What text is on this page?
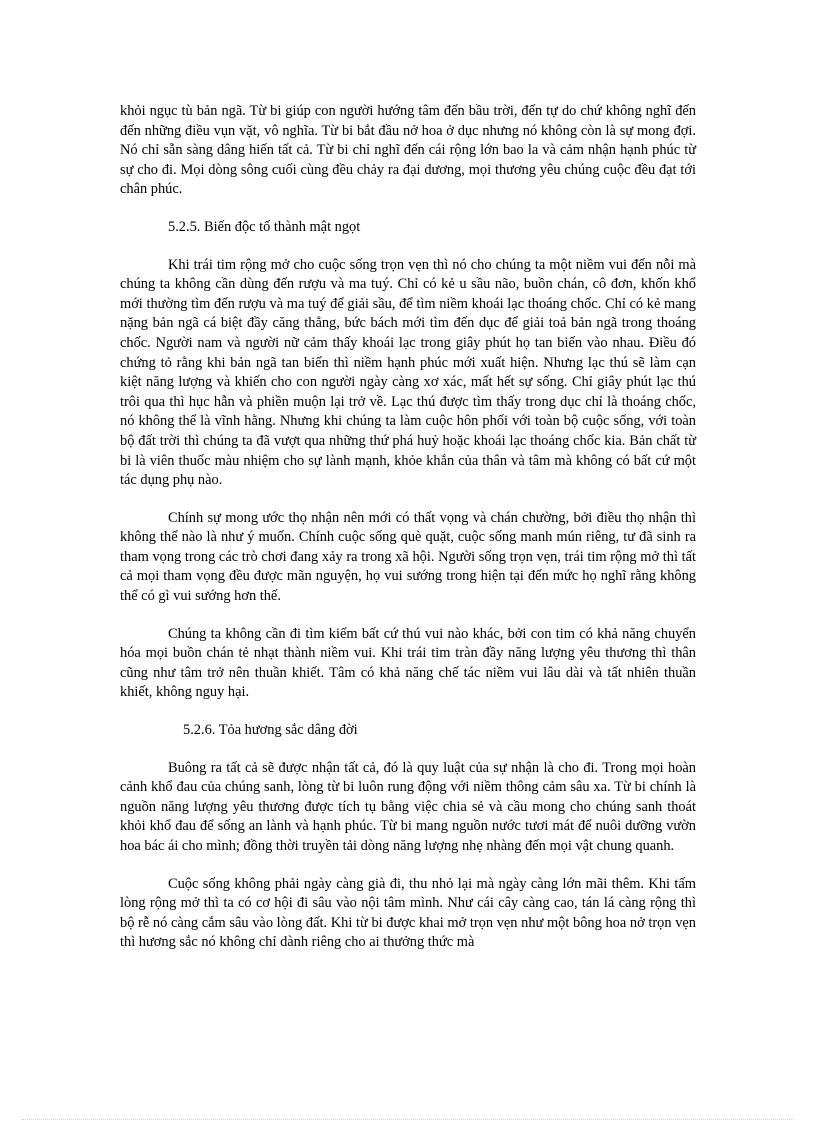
khỏi ngục tù bản ngã. Từ bi giúp con người hướng tâm đến bầu trời, đến tự do chứ không nghĩ đến đến những điều vụn vặt, vô nghĩa. Từ bi bắt đầu nở hoa ở dục nhưng nó không còn là sự mong đợi. Nó chỉ sẵn sàng dâng hiến tất cả. Từ bi chỉ nghĩ đến cái rộng lớn bao la và cảm nhận hạnh phúc từ sự cho đi. Mọi dòng sông cuối cùng đều chảy ra đại dương, mọi thương yêu chúng cuộc đều đạt tới chân phúc.

5.2.5. Biến độc tố thành mật ngọt

Khi trái tim rộng mở cho cuộc sống trọn vẹn thì nó cho chúng ta một niềm vui đến nỗi mà chúng ta không cần dùng đến rượu và ma tuý. Chỉ có kẻ u sầu não, buồn chán, cô đơn, khốn khổ mới thường tìm đến rượu và ma tuý để giải sầu, để tìm niềm khoái lạc thoáng chốc. Chỉ có kẻ mang nặng bản ngã cá biệt đầy căng thẳng, bức bách mới tìm đến dục để giải toả bản ngã trong thoáng chốc. Người nam và người nữ cảm thấy khoái lạc trong giây phút họ tan biến vào nhau. Điều đó chứng tỏ rằng khi bản ngã tan biến thì niềm hạnh phúc mới xuất hiện. Nhưng lạc thú sẽ làm cạn kiệt năng lượng và khiến cho con người ngày càng xơ xác, mất hết sự sống. Chỉ giây phút lạc thú trôi qua thì hục hẫn và phiền muộn lại trở về. Lạc thú được tìm thấy trong dục chỉ là thoáng chốc, nó không thể là vĩnh hằng. Nhưng khi chúng ta làm cuộc hôn phối với toàn bộ cuộc sống, với toàn bộ đất trời thì chúng ta đã vượt qua những thứ phá huỷ hoặc khoái lạc thoáng chốc kia. Bản chất từ bi là viên thuốc màu nhiệm cho sự lành mạnh, khỏe khắn của thân và tâm mà không có bất cứ một tác dụng phụ nào.

Chính sự mong ước thọ nhận nên mới có thất vọng và chán chường, bởi điều thọ nhận thì không thể nào là như ý muốn. Chính cuộc sống què quặt, cuộc sống manh mún riêng, tư đã sinh ra tham vọng trong các trò chơi đang xảy ra trong xã hội. Người sống trọn vẹn, trái tim rộng mở thì tất cả mọi tham vọng đều được mãn nguyện, họ vui sướng trong hiện tại đến mức họ nghĩ rằng không thể có gì vui sướng hơn thế.

Chúng ta không cần đi tìm kiếm bất cứ thú vui nào khác, bởi con tim có khả năng chuyển hóa mọi buồn chán tẻ nhạt thành niềm vui. Khi trái tim tràn đầy năng lượng yêu thương thì thân cũng như tâm trở nên thuần khiết. Tâm có khả năng chế tác niềm vui lâu dài và tất nhiên thuần khiết, không nguy hại.

5.2.6. Tỏa hương sắc dâng đời

Buông ra tất cả sẽ được nhận tất cả, đó là quy luật của sự nhận là cho đi. Trong mọi hoàn cảnh khổ đau của chúng sanh, lòng từ bi luôn rung động với niềm thông cảm sâu xa. Từ bi chính là nguồn năng lượng yêu thương được tích tụ bằng việc chia sẻ và cầu mong cho chúng sanh thoát khỏi khổ đau để sống an lành và hạnh phúc. Từ bi mang nguồn nước tươi mát để nuôi dưỡng vườn hoa bác ái cho mình; đồng thời truyền tải dòng năng lượng nhẹ nhàng đến mọi vật chung quanh.

Cuộc sống không phải ngày càng già đi, thu nhỏ lại mà ngày càng lớn mãi thêm. Khi tấm lòng rộng mở thì ta có cơ hội đi sâu vào nội tâm mình. Như cái cây càng cao, tán lá càng rộng thì bộ rễ nó càng cắm sâu vào lòng đất. Khi từ bi được khai mở trọn vẹn như một bông hoa nở trọn vẹn thì hương sắc nó không chỉ dành riêng cho ai thưởng thức mà
